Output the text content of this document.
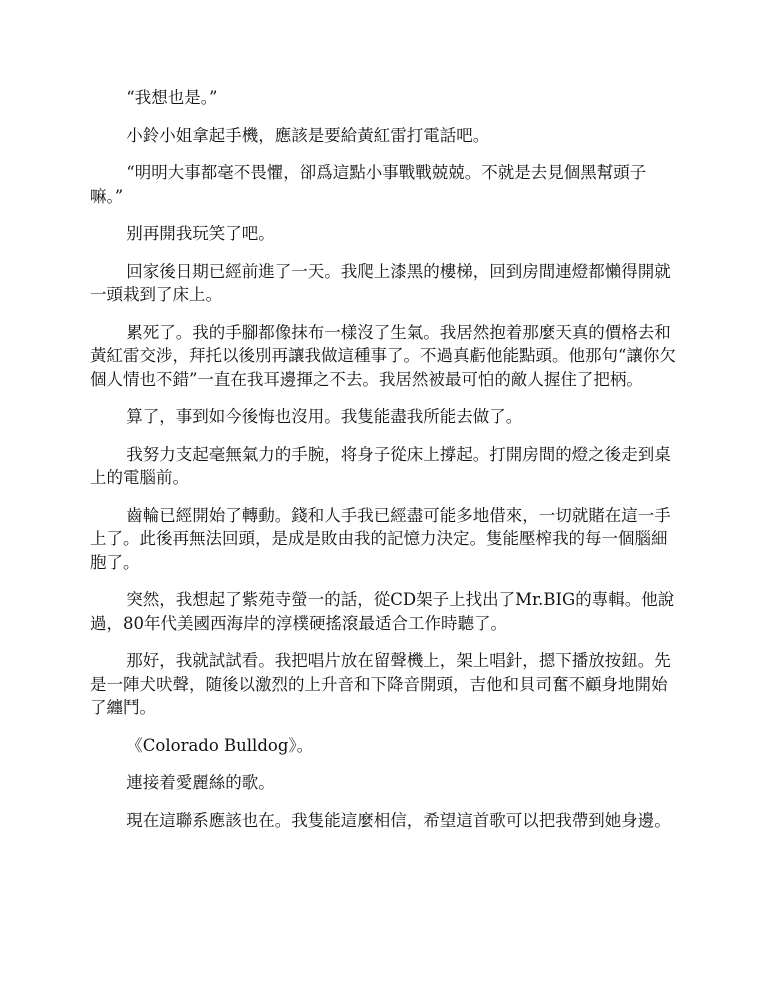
“我想也是。”

小鈴小姐拿起手機，應該是要給黃紅雷打電話吧。

“明明大事都毫不畏懼，卻爲這點小事戰戰兢兢。不就是去見個黑幫頭子嘛。”

别再開我玩笑了吧。

回家後日期已經前進了一天。我爬上漆黑的樓梯，回到房間連燈都懶得開就一頭栽到了床上。

累死了。我的手腳都像抹布一樣沒了生氣。我居然抱着那麼天真的價格去和黃紅雷交涉，拜托以後別再讓我做這種事了。不過真虧他能點頭。他那句“讓你欠個人情也不錯”一直在我耳邊揮之不去。我居然被最可怕的敵人握住了把柄。

算了，事到如今後悔也沒用。我隻能盡我所能去做了。

我努力支起毫無氣力的手腕，将身子從床上撐起。打開房間的燈之後走到桌上的電腦前。

齒輪已經開始了轉動。錢和人手我已經盡可能多地借來，一切就賭在這一手上了。此後再無法回頭，是成是敗由我的記憶力決定。隻能壓榨我的每一個腦細胞了。

突然，我想起了紫苑寺螢一的話，從CD架子上找出了Mr.BIG的專輯。他說過，80年代美國西海岸的淳樸硬搖滾最适合工作時聽了。

那好，我就試試看。我把唱片放在留聲機上，架上唱針，摁下播放按鈕。先是一陣犬吠聲，随後以激烈的上升音和下降音開頭，吉他和貝司奮不顧身地開始了纏鬥。

《Colorado Bulldog》。

連接着愛麗絲的歌。

現在這聯系應該也在。我隻能這麼相信，希望這首歌可以把我帶到她身邊。
